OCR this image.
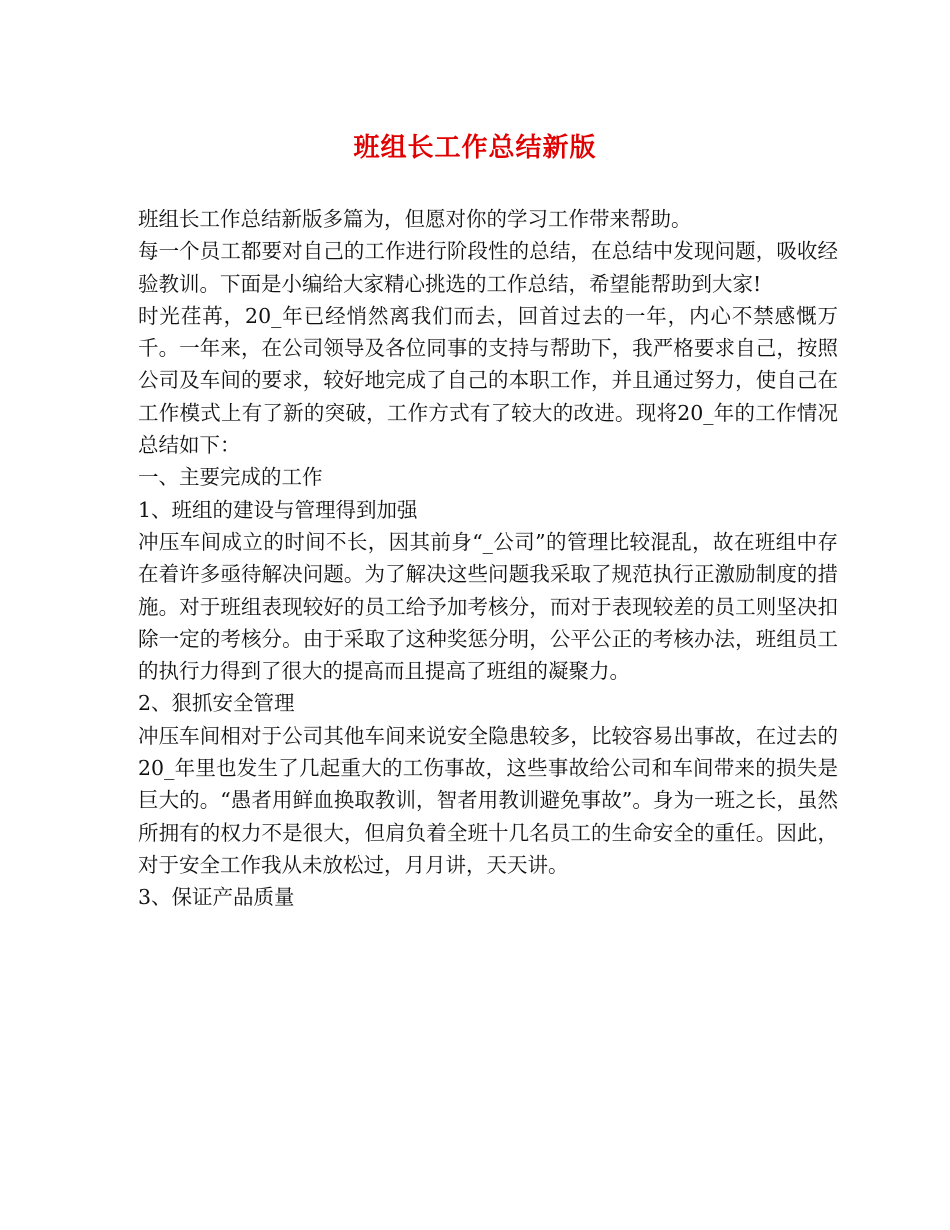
班组长工作总结新版

班组长工作总结新版多篇为，但愿对你的学习工作带来帮助。

每一个员工都要对自己的工作进行阶段性的总结，在总结中发现问题，吸收经验教训。下面是小编给大家精心挑选的工作总结，希望能帮助到大家!

时光荏苒，20_年已经悄然离我们而去，回首过去的一年，内心不禁感慨万千。一年来，在公司领导及各位同事的支持与帮助下，我严格要求自己，按照公司及车间的要求，较好地完成了自己的本职工作，并且通过努力，使自己在工作模式上有了新的突破，工作方式有了较大的改进。现将20_年的工作情况总结如下：

一、主要完成的工作

1、班组的建设与管理得到加强

冲压车间成立的时间不长，因其前身“_公司”的管理比较混乱，故在班组中存在着许多亟待解决问题。为了解决这些问题我采取了规范执行正激励制度的措施。对于班组表现较好的员工给予加考核分，而对于表现较差的员工则坚决扣除一定的考核分。由于采取了这种奖惩分明，公平公正的考核办法，班组员工的执行力得到了很大的提高而且提高了班组的凝聚力。

2、狠抓安全管理

冲压车间相对于公司其他车间来说安全隐患较多，比较容易出事故，在过去的20_年里也发生了几起重大的工伤事故，这些事故给公司和车间带来的损失是巨大的。“愚者用鲜血换取教训，智者用教训避免事故”。身为一班之长，虽然所拥有的权力不是很大，但肩负着全班十几名员工的生命安全的重任。因此，对于安全工作我从未放松过，月月讲，天天讲。

3、保证产品质量
